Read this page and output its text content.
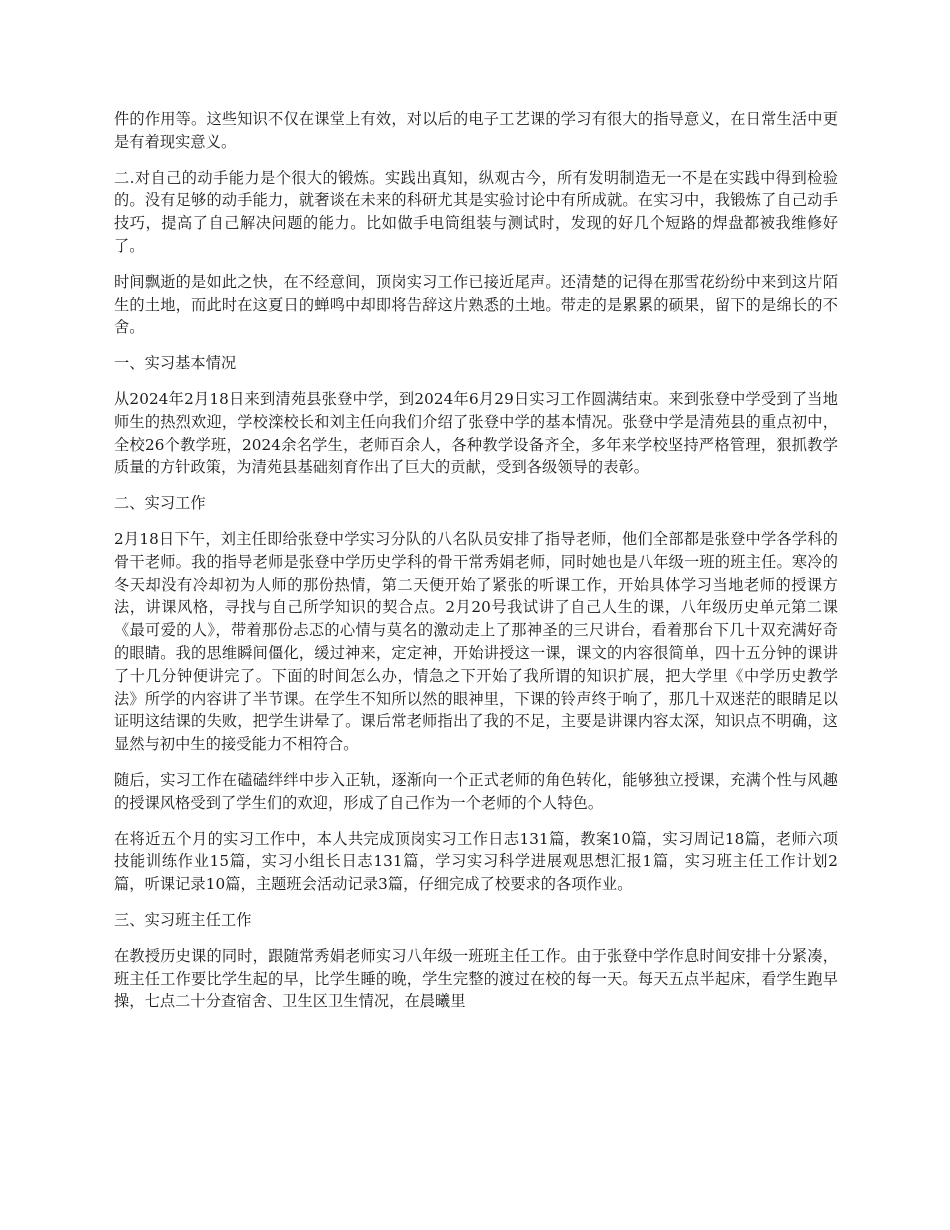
件的作用等。这些知识不仅在课堂上有效，对以后的电子工艺课的学习有很大的指导意义，在日常生活中更是有着现实意义。

二.对自己的动手能力是个很大的锻炼。实践出真知，纵观古今，所有发明制造无一不是在实践中得到检验的。没有足够的动手能力，就奢谈在未来的科研尤其是实验讨论中有所成就。在实习中，我锻炼了自己动手技巧，提高了自己解决问题的能力。比如做手电筒组装与测试时，发现的好几个短路的焊盘都被我维修好了。

时间飘逝的是如此之快，在不经意间，顶岗实习工作已接近尾声。还清楚的记得在那雪花纷纷中来到这片陌生的土地，而此时在这夏日的蝉鸣中却即将告辞这片熟悉的土地。带走的是累累的硕果，留下的是绵长的不舍。

一、实习基本情况

从2024年2月18日来到清苑县张登中学，到2024年6月29日实习工作圆满结束。来到张登中学受到了当地师生的热烈欢迎，学校滦校长和刘主任向我们介绍了张登中学的基本情况。张登中学是清苑县的重点初中，全校26个教学班，2024余名学生，老师百余人，各种教学设备齐全，多年来学校坚持严格管理，狠抓教学质量的方针政策，为清苑县基础刻育作出了巨大的贡献，受到各级领导的表彰。

二、实习工作

2月18日下午，刘主任即给张登中学实习分队的八名队员安排了指导老师，他们全部都是张登中学各学科的骨干老师。我的指导老师是张登中学历史学科的骨干常秀娟老师，同时她也是八年级一班的班主任。寒冷的冬天却没有冷却初为人师的那份热情，第二天便开始了紧张的听课工作，开始具体学习当地老师的授课方法，讲课风格，寻找与自己所学知识的契合点。2月20号我试讲了自己人生的课，八年级历史单元第二课《最可爱的人》，带着那份忐忑的心情与莫名的激动走上了那神圣的三尺讲台，看着那台下几十双充满好奇的眼睛。我的思维瞬间僵化，缓过神来，定定神，开始讲授这一课，课文的内容很简单，四十五分钟的课讲了十几分钟便讲完了。下面的时间怎么办，情急之下开始了我所谓的知识扩展，把大学里《中学历史教学法》所学的内容讲了半节课。在学生不知所以然的眼神里，下课的铃声终于响了，那几十双迷茫的眼睛足以证明这结课的失败，把学生讲晕了。课后常老师指出了我的不足，主要是讲课内容太深，知识点不明确，这显然与初中生的接受能力不相符合。

随后，实习工作在磕磕绊绊中步入正轨，逐渐向一个正式老师的角色转化，能够独立授课，充满个性与风趣的授课风格受到了学生们的欢迎，形成了自己作为一个老师的个人特色。

在将近五个月的实习工作中，本人共完成顶岗实习工作日志131篇，教案10篇，实习周记18篇，老师六项技能训练作业15篇，实习小组长日志131篇，学习实习科学进展观思想汇报1篇，实习班主任工作计划2篇，听课记录10篇，主题班会活动记录3篇，仔细完成了校要求的各项作业。

三、实习班主任工作

在教授历史课的同时，跟随常秀娟老师实习八年级一班班主任工作。由于张登中学作息时间安排十分紧凑，班主任工作要比学生起的早，比学生睡的晚，学生完整的渡过在校的每一天。每天五点半起床，看学生跑早操，七点二十分查宿舍、卫生区卫生情况，在晨曦里
